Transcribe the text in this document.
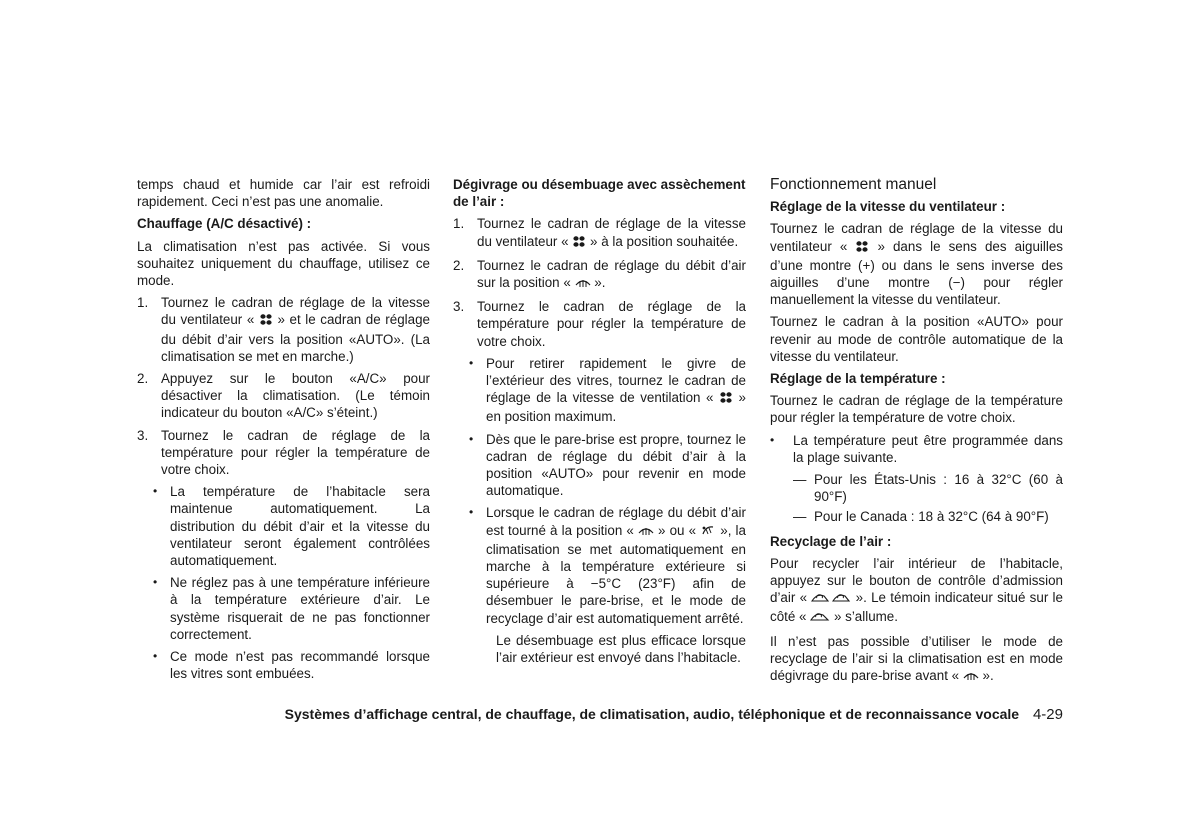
temps chaud et humide car l’air est refroidi rapidement. Ceci n’est pas une anomalie.

Chauffage (A/C désactivé) :

La climatisation n’est pas activée. Si vous souhaitez uniquement du chauffage, utilisez ce mode.

1. Tournez le cadran de réglage de la vitesse du ventilateur « » et le cadran de réglage du débit d’air vers la position «AUTO». (La climatisation se met en marche.)
2. Appuyez sur le bouton «A/C» pour désactiver la climatisation. (Le témoin indicateur du bouton «A/C» s’éteint.)
3. Tournez le cadran de réglage de la température pour régler la température de votre choix.
• La température de l’habitacle sera maintenue automatiquement. La distribution du débit d’air et la vitesse du ventilateur seront également contrôlées automatiquement.
• Ne réglez pas à une température inférieure à la température extérieure d’air. Le système risquerait de ne pas fonctionner correctement.
• Ce mode n’est pas recommandé lorsque les vitres sont embuées.
Dégivrage ou désembuage avec assèchement de l’air :
1. Tournez le cadran de réglage de la vitesse du ventilateur « » à la position souhaitée.
2. Tournez le cadran de réglage du débit d’air sur la position « ».
3. Tournez le cadran de réglage de la température pour régler la température de votre choix.
• Pour retirer rapidement le givre de l’extérieur des vitres, tournez le cadran de réglage de la vitesse de ventilation « » en position maximum.
• Dès que le pare-brise est propre, tournez le cadran de réglage du débit d’air à la position «AUTO» pour revenir en mode automatique.
• Lorsque le cadran de réglage du débit d’air est tourné à la position « » ou « », la climatisation se met automatiquement en marche à la température extérieure si supérieure à −5°C (23°F) afin de désembuer le pare-brise, et le mode de recyclage d’air est automatiquement arrêté.

Le désembuage est plus efficace lorsque l’air extérieur est envoyé dans l’habitacle.

Fonctionnement manuel
Réglage de la vitesse du ventilateur :

Tournez le cadran de réglage de la vitesse du ventilateur « » dans le sens des aiguilles d’une montre (+) ou dans le sens inverse des aiguilles d’une montre (−) pour régler manuellement la vitesse du ventilateur.

Tournez le cadran à la position «AUTO» pour revenir au mode de contrôle automatique de la vitesse du ventilateur.

Réglage de la température :

Tournez le cadran de réglage de la température pour régler la température de votre choix.

•	La température peut être programmée dans la plage suivante.
— Pour les États-Unis : 16 à 32°C (60 à 90°F)
— Pour le Canada : 18 à 32°C (64 à 90°F)
Recyclage de l’air :

Pour recycler l’air intérieur de l’habitacle, appuyez sur le bouton de contrôle d’admission d’air «	». Le témoin indicateur situé sur le côté « » s’allume.

Il n’est pas possible d’utiliser le mode de recyclage de l’air si la climatisation est en mode dégivrage du pare-brise avant « ».

Systèmes d’affichage central, de chauffage, de climatisation, audio, téléphonique et de reconnaissance vocale 4-29
